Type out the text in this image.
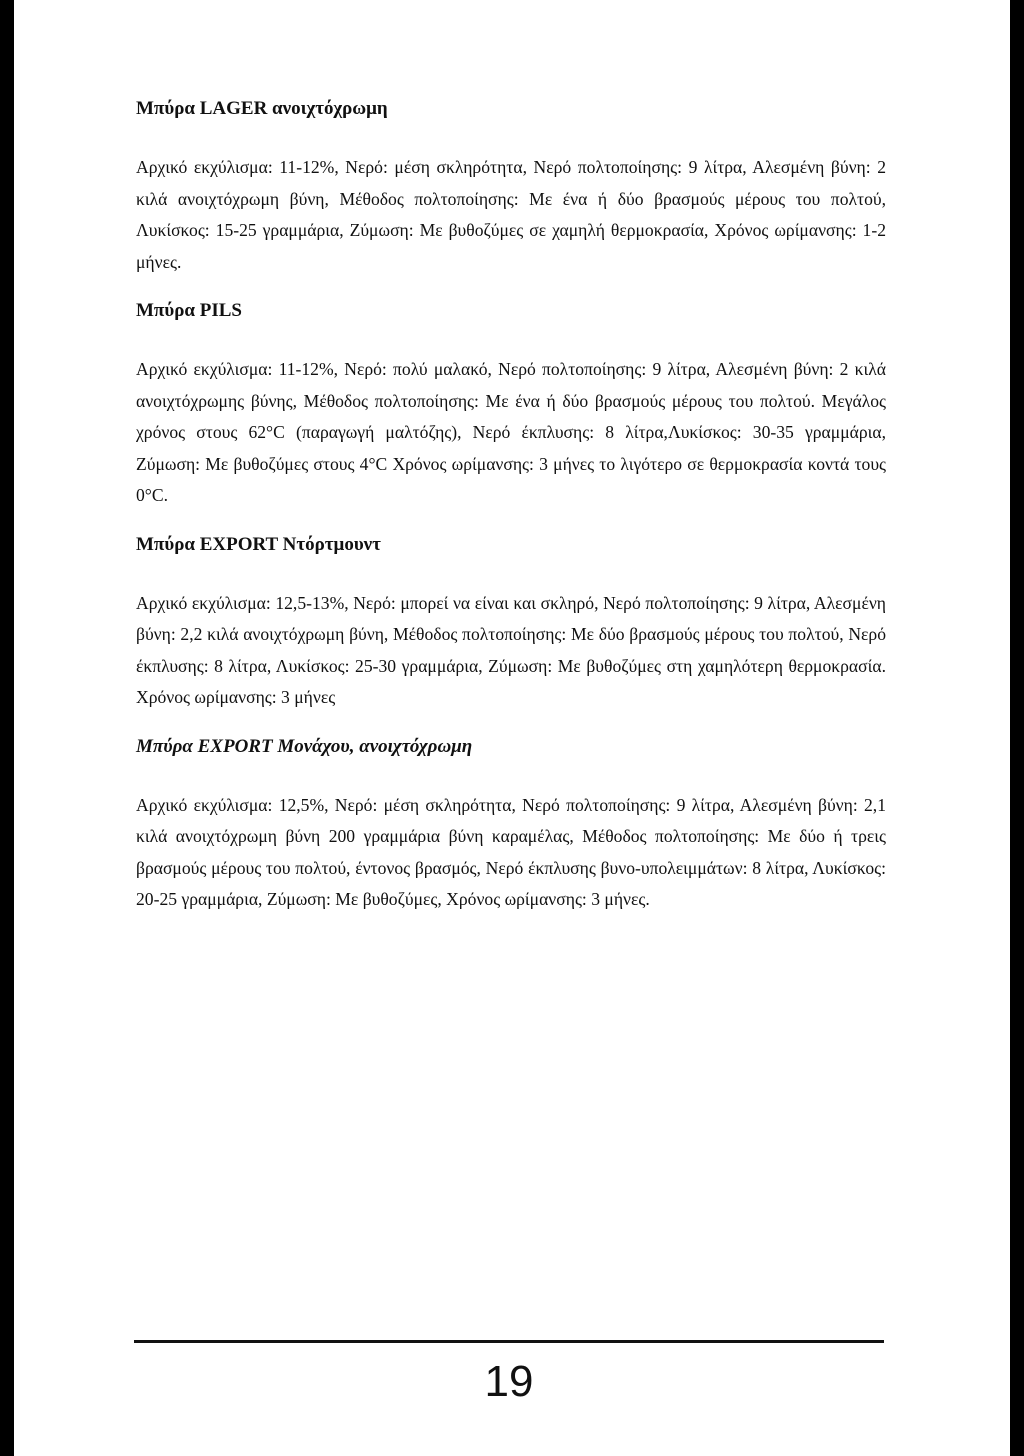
Μπύρα LAGER ανοιχτόχρωμη

Αρχικό εκχύλισμα: 11-12%, Νερό: μέση σκληρότητα, Νερό πολτοποίησης: 9 λίτρα, Αλεσμένη βύνη: 2 κιλά ανοιχτόχρωμη βύνη, Μέθοδος πολτοποίησης: Με ένα ή δύο βρασμούς μέρους του πολτού, Λυκίσκος: 15-25 γραμμάρια, Ζύμωση: Με βυθοζύμες σε χαμηλή θερμοκρασία, Χρόνος ωρίμανσης: 1-2 μήνες.

Μπύρα PILS

Αρχικό εκχύλισμα: 11-12%, Νερό: πολύ μαλακό, Νερό πολτοποίησης: 9 λίτρα, Αλεσμένη βύνη: 2 κιλά ανοιχτόχρωμης βύνης, Μέθοδος πολτοποίησης: Με ένα ή δύο βρασμούς μέρους του πολτού. Μεγάλος χρόνος στους 62°C (παραγωγή μαλτόζης), Νερό έκπλυσης: 8 λίτρα,Λυκίσκος: 30-35 γραμμάρια, Ζύμωση: Με βυθοζύμες στους 4°C Χρόνος ωρίμανσης: 3 μήνες το λιγότερο σε θερμοκρασία κοντά τους 0°C.

Μπύρα EXPORT Ντόρτμουντ

Αρχικό εκχύλισμα: 12,5-13%, Νερό: μπορεί να είναι και σκληρό, Νερό πολτοποίησης: 9 λίτρα, Αλεσμένη βύνη: 2,2 κιλά ανοιχτόχρωμη βύνη, Μέθοδος πολτοποίησης: Με δύο βρασμούς μέρους του πολτού, Νερό έκπλυσης: 8 λίτρα, Λυκίσκος: 25-30 γραμμάρια, Ζύμωση: Με βυθοζύμες στη χαμηλότερη θερμοκρασία. Χρόνος ωρίμανσης: 3 μήνες

Μπύρα EXPORT Μονάχου, ανοιχτόχρωμη

Αρχικό εκχύλισμα: 12,5%, Νερό: μέση σκληρότητα, Νερό πολτοποίησης: 9 λίτρα, Αλεσμένη βύνη: 2,1 κιλά ανοιχτόχρωμη βύνη 200 γραμμάρια βύνη καραμέλας, Μέθοδος πολτοποίησης: Με δύο ή τρεις βρασμούς μέρους του πολτού, έντονος βρασμός, Νερό έκπλυσης βυνο-υπολειμμάτων: 8 λίτρα, Λυκίσκος: 20-25 γραμμάρια, Ζύμωση: Με βυθοζύμες, Χρόνος ωρίμανσης: 3 μήνες.

19
